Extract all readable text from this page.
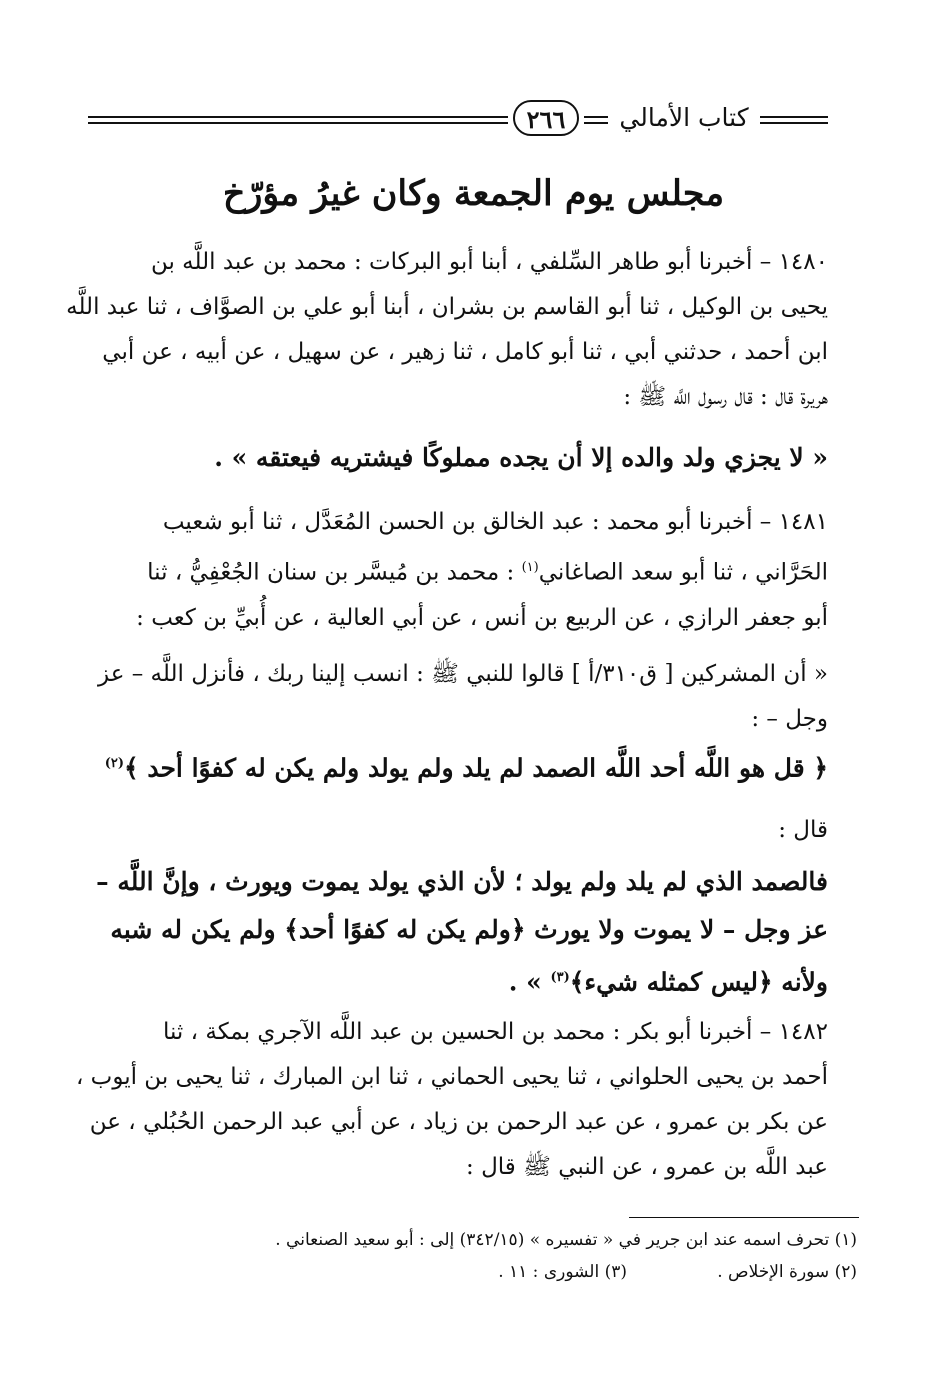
٢٦٦	كتاب الأمالي
مجلس يوم الجمعة وكان غيرُ مؤرّخ
١٤٨٠ – أخبرنا أبو طاهر السِّلفي ، أبنا أبو البركات : محمد بن عبد اللَّه بن
يحيى بن الوكيل ، ثنا أبو القاسم بن بشران ، أبنا أبو علي بن الصوَّاف ، ثنا عبد اللَّه
ابن أحمد ، حدثني أبي ، ثنا أبو كامل ، ثنا زهير ، عن سهيل ، عن أبيه ، عن أبي
هريرة قال : قال رسول اللَّه ﷺ :
« لا يجزي ولد والده إلا أن يجده مملوكًا فيشتريه فيعتقه » .
١٤٨١ – أخبرنا أبو محمد : عبد الخالق بن الحسن المُعَدَّل ، ثنا أبو شعيب
الحَرَّاني ، ثنا أبو سعد الصاغاني$^{(١)}$ : محمد بن مُيسَّر بن سنان الجُعْفِيُّ ، ثنا
أبو جعفر الرازي ، عن الربيع بن أنس ، عن أبي العالية ، عن أُبيِّ بن كعب :
« أن المشركين [ ق٣١٠/أ ] قالوا للنبي ﷺ : انسب إلينا ربك ، فأنزل اللَّه – عز
وجل – :
﴿ قل هو اللَّه أحد اللَّه الصمد لم يلد ولم يولد ولم يكن له كفوًا أحد ﴾$^{(٢)}$
قال :
فالصمد الذي لم يلد ولم يولد ؛ لأن الذي يولد يموت ويورث ، وإنَّ اللَّه –
عز وجل – لا يموت ولا يورث ﴿ولم يكن له كفوًا أحد﴾ ولم يكن له شبه
ولأنه ﴿ليس كمثله شيء﴾$^{(٣)}$ » .
١٤٨٢ – أخبرنا أبو بكر : محمد بن الحسين بن عبد اللَّه الآجري بمكة ، ثنا
أحمد بن يحيى الحلواني ، ثنا يحيى الحماني ، ثنا ابن المبارك ، ثنا يحيى بن أيوب ،
عن بكر بن عمرو ، عن عبد الرحمن بن زياد ، عن أبي عبد الرحمن الحُبُلي ، عن
عبد اللَّه بن عمرو ، عن النبي ﷺ قال :
(١) تحرف اسمه عند ابن جرير في « تفسيره » (٣٤٢/١٥) إلى : أبو سعيد الصنعاني .
(٢) سورة الإخلاص .
(٣) الشورى : ١١ .
